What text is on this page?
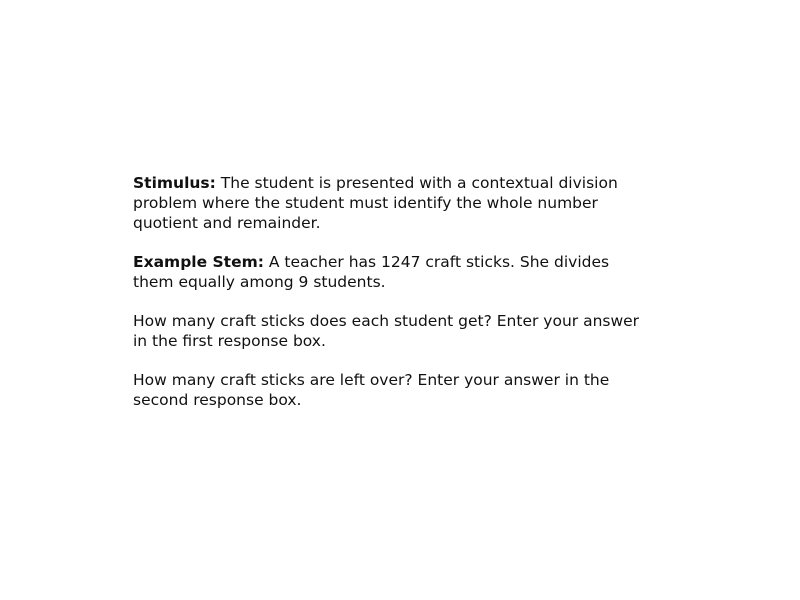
Stimulus: The student is presented with a contextual division problem where the student must identify the whole number quotient and remainder.

Example Stem: A teacher has 1247 craft sticks. She divides them equally among 9 students.

How many craft sticks does each student get? Enter your answer in the first response box.

How many craft sticks are left over? Enter your answer in the second response box.
